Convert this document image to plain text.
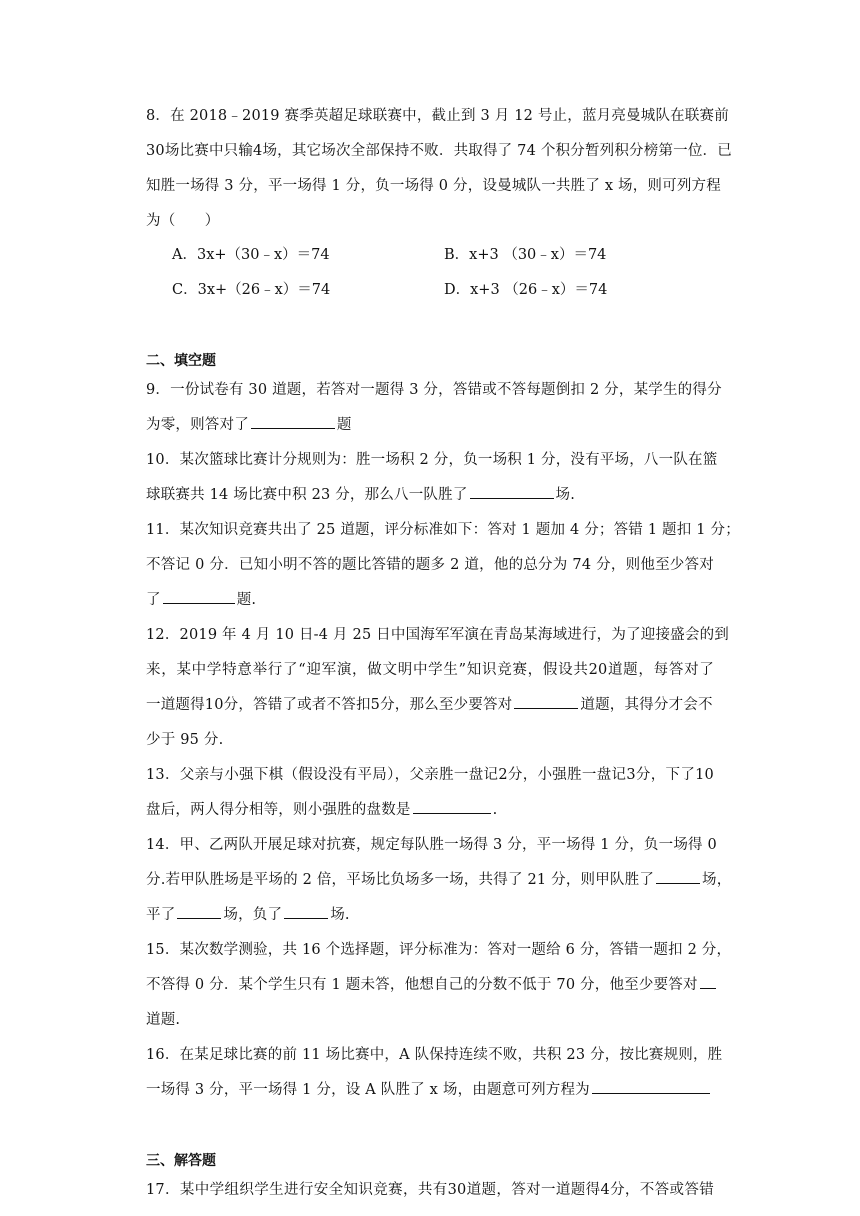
8．在 2018﹣2019 赛季英超足球联赛中，截止到 3 月 12 号止，蓝月亮曼城队在联赛前
30场比赛中只输4场，其它场次全部保持不败．共取得了 74 个积分暂列积分榜第一位．已
知胜一场得 3 分，平一场得 1 分，负一场得 0 分，设曼城队一共胜了 x 场，则可列方程
为（　　）
A．3x+（30﹣x）＝74	B．x+3 （30﹣x）＝74
C．3x+（26﹣x）＝74	D．x+3 （26﹣x）＝74
二、填空题
9．一份试卷有 30 道题，若答对一题得 3 分，答错或不答每题倒扣 2 分，某学生的得分
为零，则答对了	题
10．某次篮球比赛计分规则为：胜一场积 2 分，负一场积 1 分，没有平场，八一队在篮
球联赛共 14 场比赛中积 23 分，那么八一队胜了	场.
11．某次知识竞赛共出了 25 道题，评分标准如下：答对 1 题加 4 分；答错 1 题扣 1 分；
不答记 0 分．已知小明不答的题比答错的题多 2 道，他的总分为 74 分，则他至少答对
了	题.
12．2019 年 4 月 10 日-4 月 25 日中国海军军演在青岛某海域进行，为了迎接盛会的到
来，某中学特意举行了“迎军演，做文明中学生”知识竞赛，假设共20道题，每答对了
一道题得10分，答错了或者不答扣5分，那么至少要答对	道题，其得分才会不
少于 95 分.
13．父亲与小强下棋（假设没有平局），父亲胜一盘记2分，小强胜一盘记3分，下了10
盘后，两人得分相等，则小强胜的盘数是	.
14．甲、乙两队开展足球对抗赛，规定每队胜一场得 3 分，平一场得 1 分，负一场得 0
分.若甲队胜场是平场的 2 倍，平场比负场多一场，共得了 21 分，则甲队胜了	场，
平了	场，负了	场.
15．某次数学测验，共 16 个选择题，评分标准为：答对一题给 6 分，答错一题扣 2 分，
不答得 0 分．某个学生只有 1 题未答，他想自己的分数不低于 70 分，他至少要答对
道题.
16．在某足球比赛的前 11 场比赛中，A 队保持连续不败，共积 23 分，按比赛规则，胜
一场得 3 分，平一场得 1 分，设 A 队胜了 x 场，由题意可列方程为
三、解答题
17．某中学组织学生进行安全知识竞赛，共有30道题，答对一道题得4分，不答或答错
